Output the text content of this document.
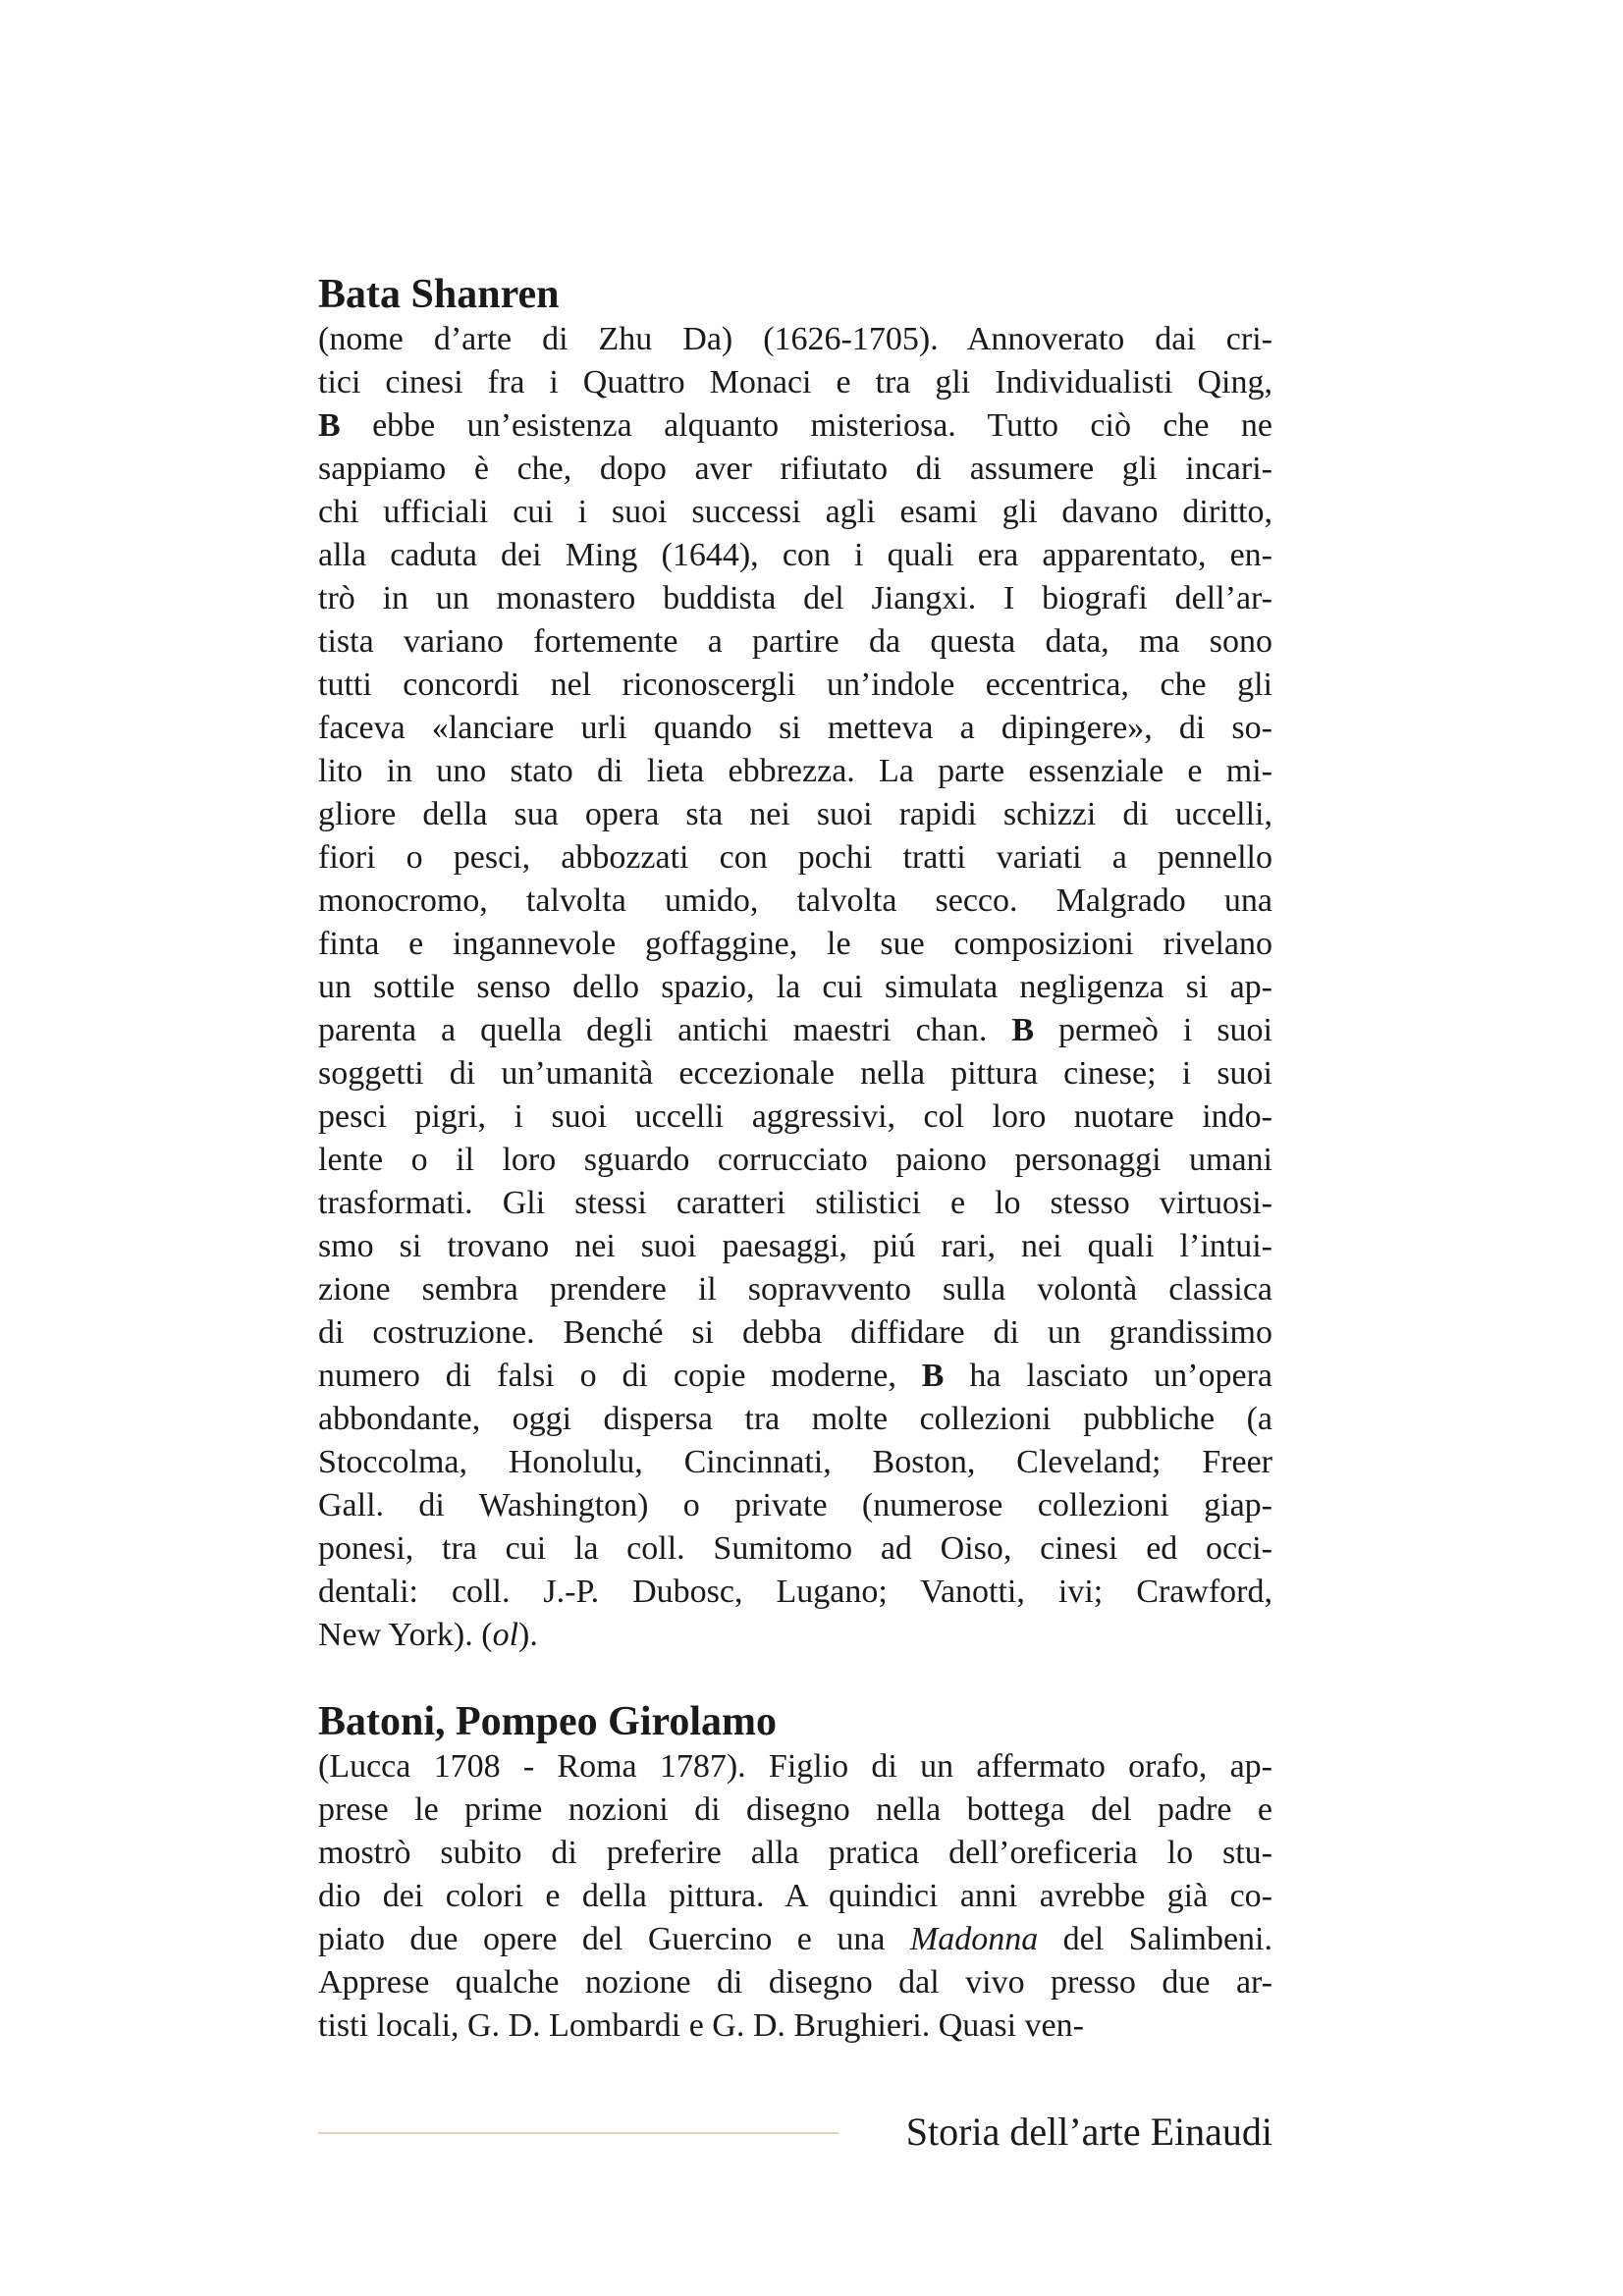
Bata Shanren
(nome d’arte di Zhu Da) (1626-1705). Annoverato dai cri-
tici cinesi fra i Quattro Monaci e tra gli Individualisti Qing,
B ebbe un’esistenza alquanto misteriosa. Tutto ciò che ne
sappiamo è che, dopo aver rifiutato di assumere gli incari-
chi ufficiali cui i suoi successi agli esami gli davano diritto,
alla caduta dei Ming (1644), con i quali era apparentato, en-
trò in un monastero buddista del Jiangxi. I biografi dell’ar-
tista variano fortemente a partire da questa data, ma sono
tutti concordi nel riconoscergli un’indole eccentrica, che gli
faceva «lanciare urli quando si metteva a dipingere», di so-
lito in uno stato di lieta ebbrezza. La parte essenziale e mi-
gliore della sua opera sta nei suoi rapidi schizzi di uccelli,
fiori o pesci, abbozzati con pochi tratti variati a pennello
monocromo, talvolta umido, talvolta secco. Malgrado una
finta e ingannevole goffaggine, le sue composizioni rivelano
un sottile senso dello spazio, la cui simulata negligenza si ap-
parenta a quella degli antichi maestri chan. B permeò i suoi
soggetti di un’umanità eccezionale nella pittura cinese; i suoi
pesci pigri, i suoi uccelli aggressivi, col loro nuotare indo-
lente o il loro sguardo corrucciato paiono personaggi umani
trasformati. Gli stessi caratteri stilistici e lo stesso virtuosi-
smo si trovano nei suoi paesaggi, piú rari, nei quali l’intui-
zione sembra prendere il sopravvento sulla volontà classica
di costruzione. Benché si debba diffidare di un grandissimo
numero di falsi o di copie moderne, B ha lasciato un’opera
abbondante, oggi dispersa tra molte collezioni pubbliche (a
Stoccolma, Honolulu, Cincinnati, Boston, Cleveland; Freer
Gall. di Washington) o private (numerose collezioni giap-
ponesi, tra cui la coll. Sumitomo ad Oiso, cinesi ed occi-
dentali: coll. J.-P. Dubosc, Lugano; Vanotti, ivi; Crawford,
New York). (ol).
Batoni, Pompeo Girolamo
(Lucca 1708 - Roma 1787). Figlio di un affermato orafo, ap-
prese le prime nozioni di disegno nella bottega del padre e
mostrò subito di preferire alla pratica dell’oreficeria lo stu-
dio dei colori e della pittura. A quindici anni avrebbe già co-
piato due opere del Guercino e una Madonna del Salimbeni.
Apprese qualche nozione di disegno dal vivo presso due ar-
tisti locali, G. D. Lombardi e G. D. Brughieri. Quasi ven-
Storia dell’arte Einaudi
